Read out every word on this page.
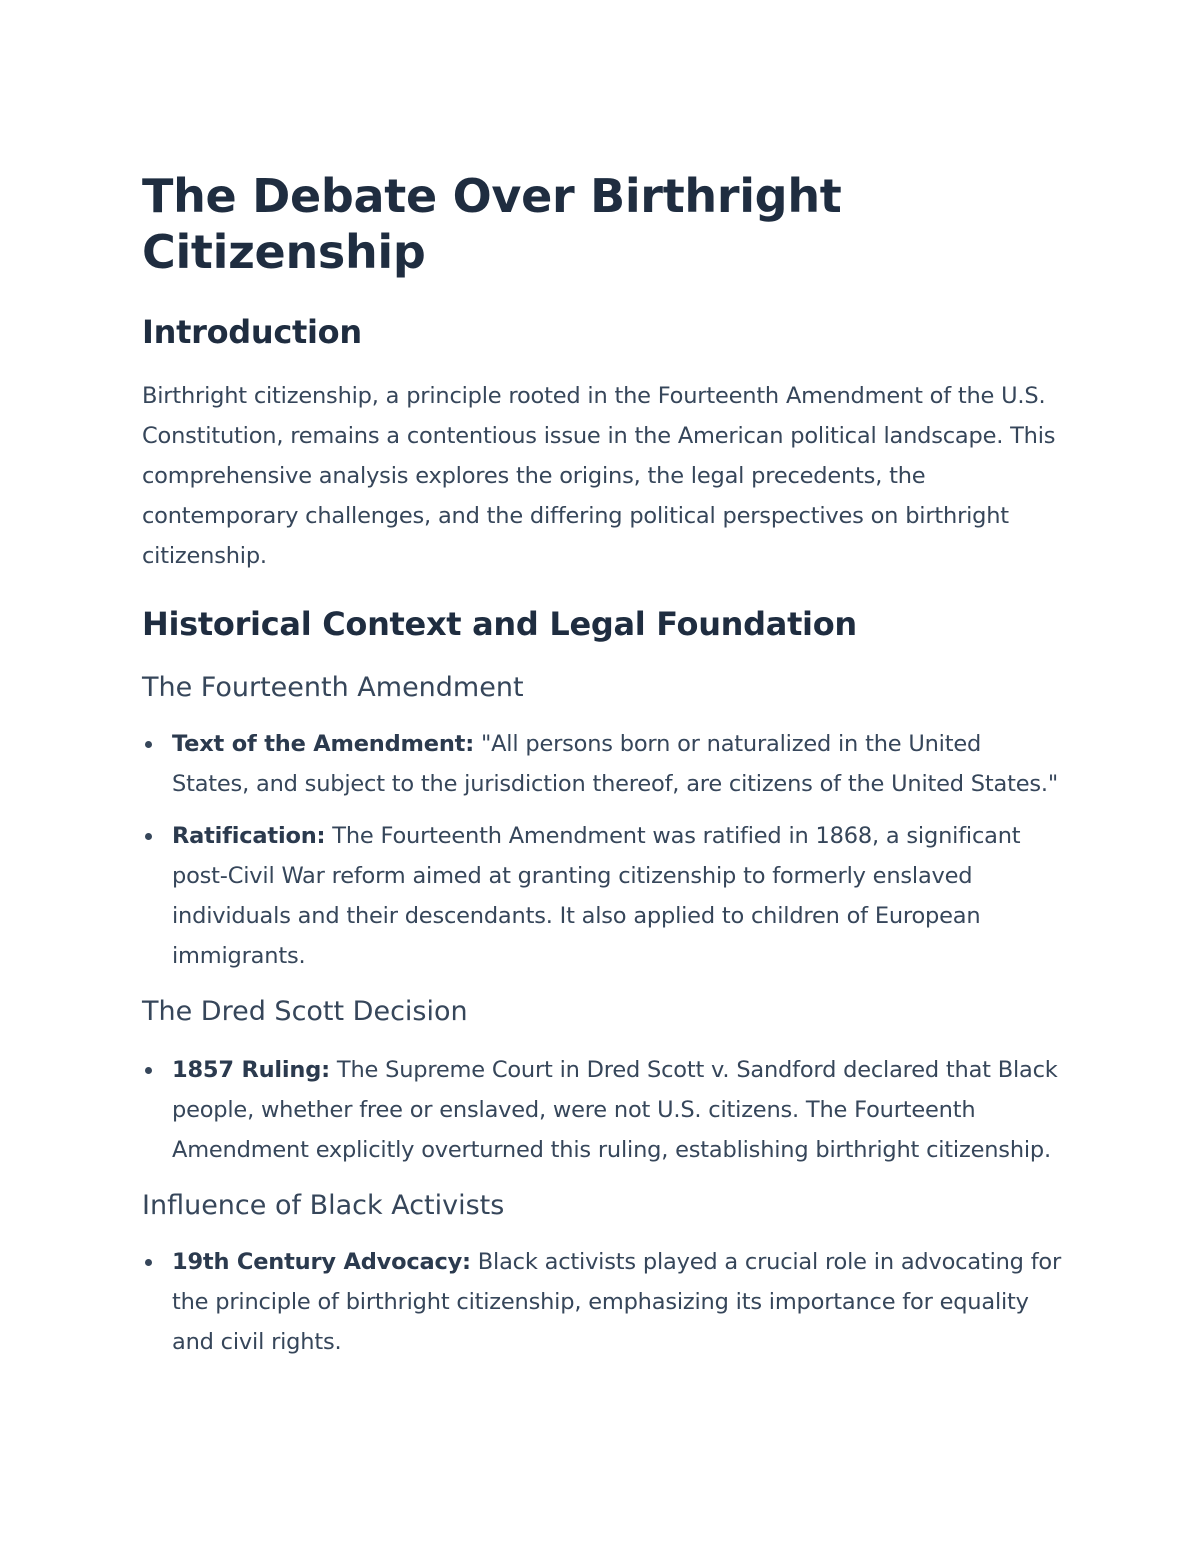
The Debate Over Birthright Citizenship
Introduction

Birthright citizenship, a principle rooted in the Fourteenth Amendment of the U.S. Constitution, remains a contentious issue in the American political landscape. This comprehensive analysis explores the origins, the legal precedents, the contemporary challenges, and the differing political perspectives on birthright citizenship.

Historical Context and Legal Foundation
The Fourteenth Amendment
Text of the Amendment: "All persons born or naturalized in the United States, and subject to the jurisdiction thereof, are citizens of the United States."
Ratification: The Fourteenth Amendment was ratified in 1868, a significant post-Civil War reform aimed at granting citizenship to formerly enslaved individuals and their descendants. It also applied to children of European immigrants.
The Dred Scott Decision
1857 Ruling: The Supreme Court in Dred Scott v. Sandford declared that Black people, whether free or enslaved, were not U.S. citizens. The Fourteenth Amendment explicitly overturned this ruling, establishing birthright citizenship.
Influence of Black Activists
19th Century Advocacy: Black activists played a crucial role in advocating for the principle of birthright citizenship, emphasizing its importance for equality and civil rights.
